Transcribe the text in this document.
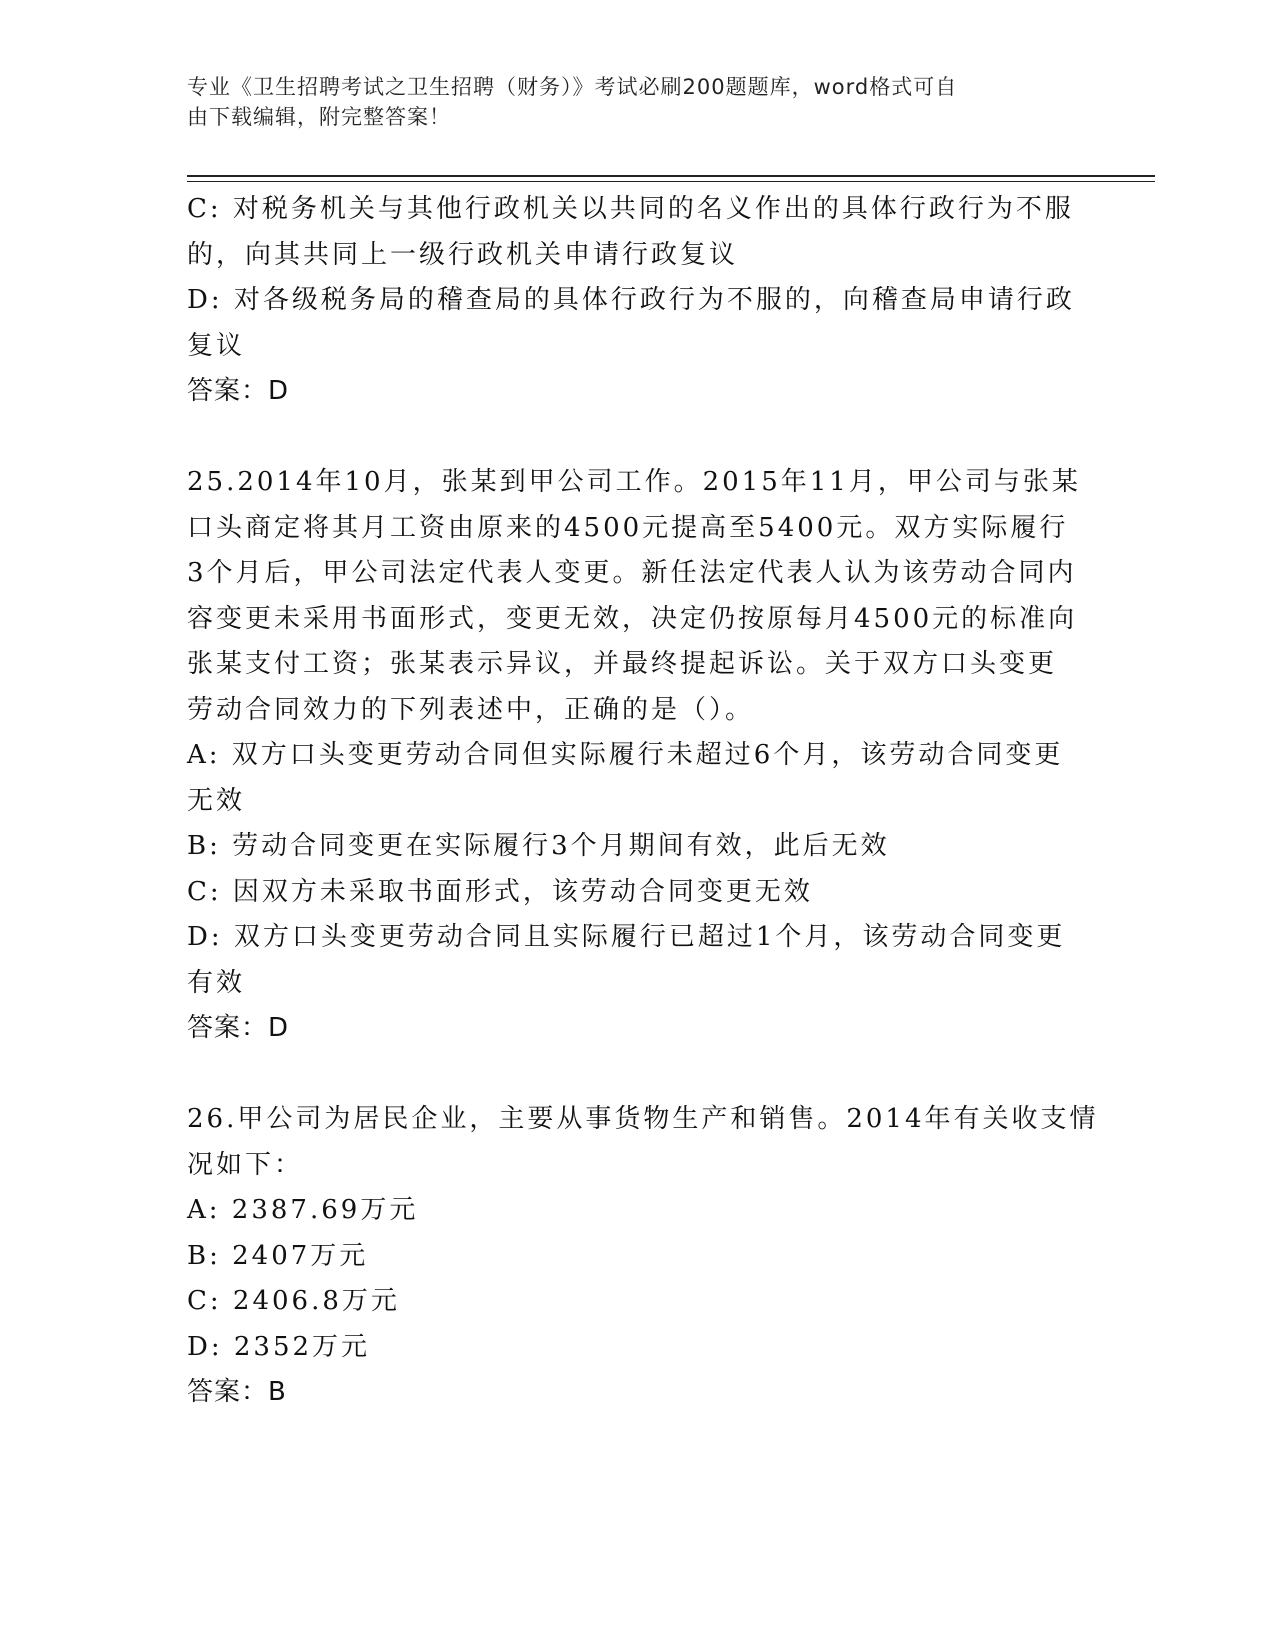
专业《卫生招聘考试之卫生招聘（财务）》考试必刷200题题库，word格式可自
由下载编辑，附完整答案！
C: 对税务机关与其他行政机关以共同的名义作出的具体行政行为不服
的，向其共同上一级行政机关申请行政复议
D: 对各级税务局的稽查局的具体行政行为不服的，向稽查局申请行政
复议
答案：D
25.2014年10月，张某到甲公司工作。2015年11月，甲公司与张某
口头商定将其月工资由原来的4500元提高至5400元。双方实际履行
3个月后，甲公司法定代表人变更。新任法定代表人认为该劳动合同内
容变更未采用书面形式，变更无效，决定仍按原每月4500元的标准向
张某支付工资；张某表示异议，并最终提起诉讼。关于双方口头变更
劳动合同效力的下列表述中，正确的是（）。
A: 双方口头变更劳动合同但实际履行未超过6个月，该劳动合同变更
无效
B: 劳动合同变更在实际履行3个月期间有效，此后无效
C: 因双方未采取书面形式，该劳动合同变更无效
D: 双方口头变更劳动合同且实际履行已超过1个月，该劳动合同变更
有效
答案：D
26.甲公司为居民企业，主要从事货物生产和销售。2014年有关收支情
况如下：
A: 2387.69万元
B: 2407万元
C: 2406.8万元
D: 2352万元
答案：B
